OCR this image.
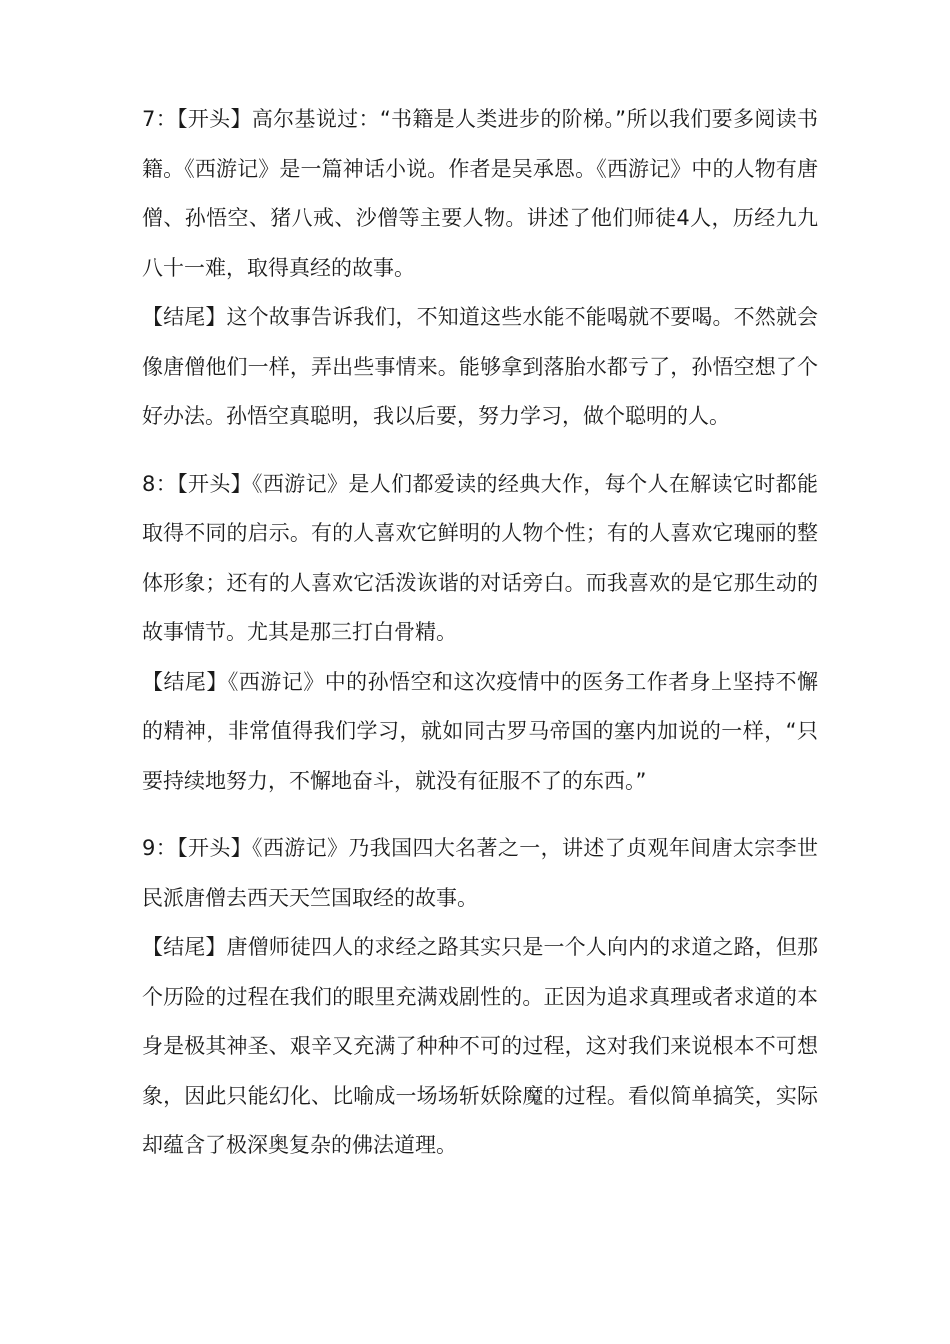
7：【开头】高尔基说过：“书籍是人类进步的阶梯。”所以我们要多阅读书籍。《西游记》是一篇神话小说。作者是吴承恩。《西游记》中的人物有唐僧、孙悟空、猪八戒、沙僧等主要人物。讲述了他们师徒4人，历经九九八十一难，取得真经的故事。

【结尾】这个故事告诉我们，不知道这些水能不能喝就不要喝。不然就会像唐僧他们一样，弄出些事情来。能够拿到落胎水都亏了，孙悟空想了个好办法。孙悟空真聪明，我以后要，努力学习，做个聪明的人。

8：【开头】《西游记》是人们都爱读的经典大作，每个人在解读它时都能取得不同的启示。有的人喜欢它鲜明的人物个性；有的人喜欢它瑰丽的整体形象；还有的人喜欢它活泼诙谐的对话旁白。而我喜欢的是它那生动的故事情节。尤其是那三打白骨精。

【结尾】《西游记》中的孙悟空和这次疫情中的医务工作者身上坚持不懈的精神，非常值得我们学习，就如同古罗马帝国的塞内加说的一样，“只要持续地努力，不懈地奋斗，就没有征服不了的东西。”

9：【开头】《西游记》乃我国四大名著之一，讲述了贞观年间唐太宗李世民派唐僧去西天天竺国取经的故事。

【结尾】唐僧师徒四人的求经之路其实只是一个人向内的求道之路，但那个历险的过程在我们的眼里充满戏剧性的。正因为追求真理或者求道的本身是极其神圣、艰辛又充满了种种不可的过程，这对我们来说根本不可想象，因此只能幻化、比喻成一场场斩妖除魔的过程。看似简单搞笑，实际却蕴含了极深奥复杂的佛法道理。
